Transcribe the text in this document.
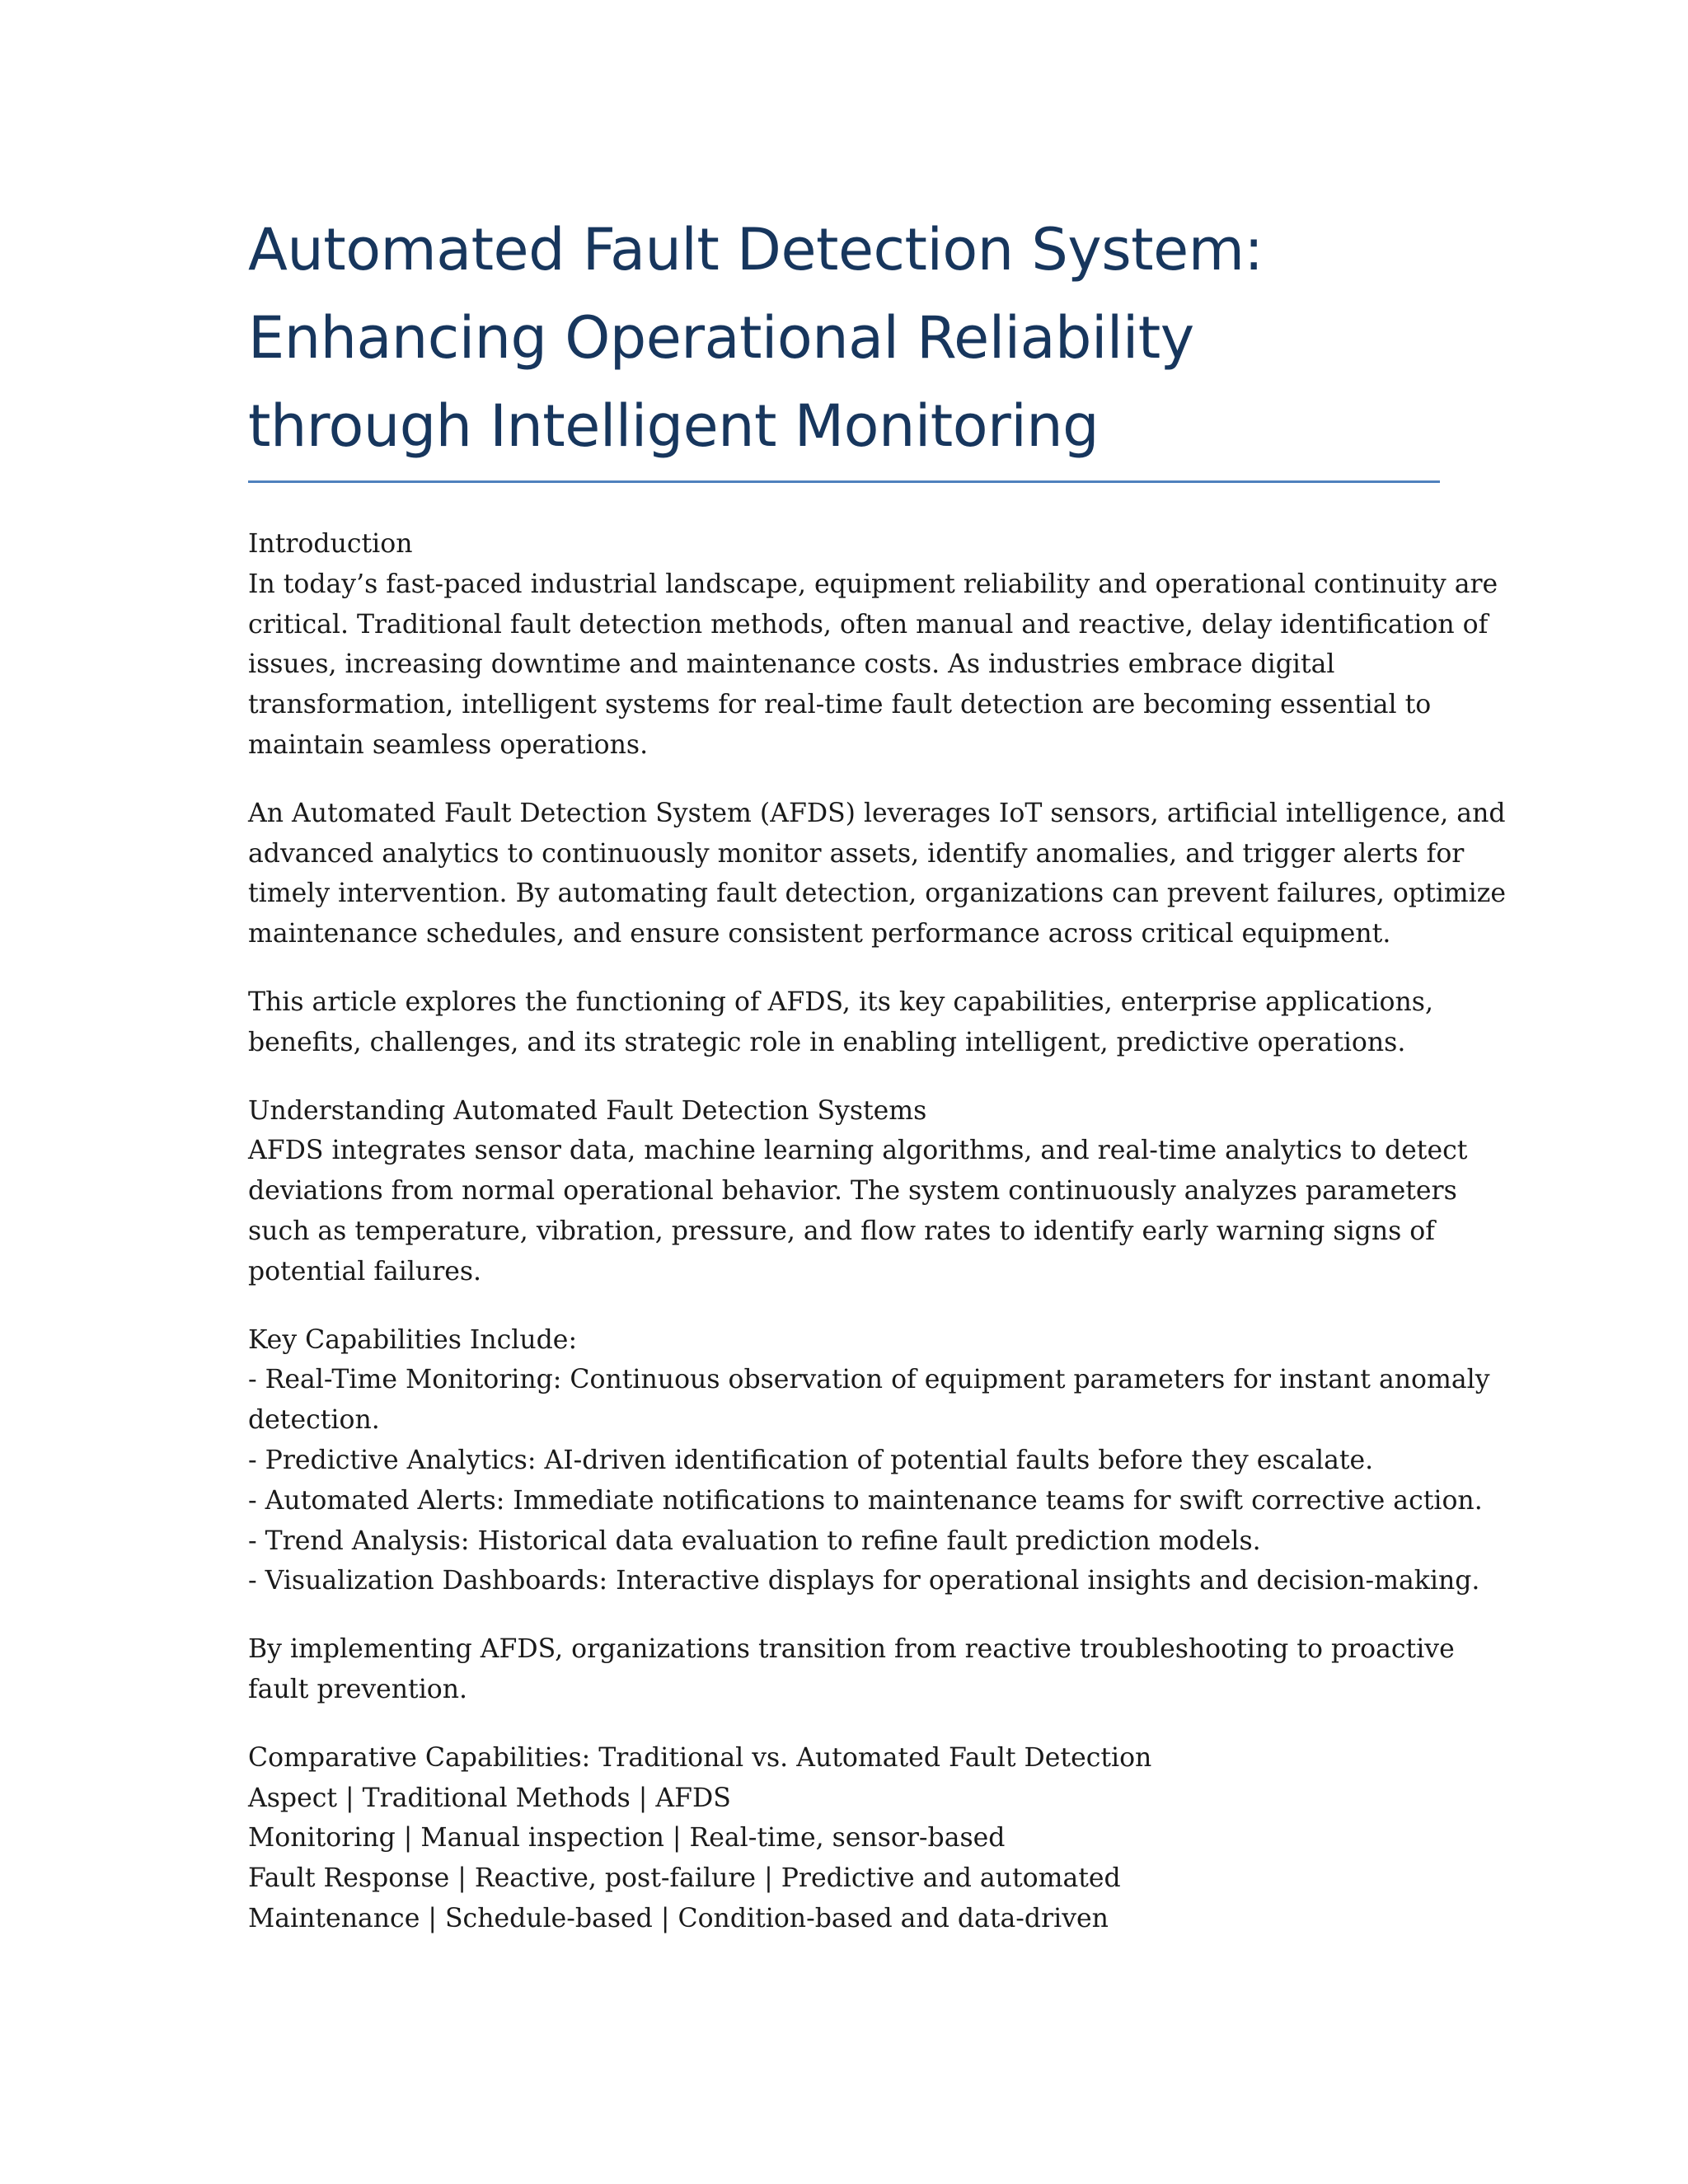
Automated Fault Detection System:
Enhancing Operational Reliability
through Intelligent Monitoring

Introduction
In today’s fast-paced industrial landscape, equipment reliability and operational continuity are
critical. Traditional fault detection methods, often manual and reactive, delay identification of
issues, increasing downtime and maintenance costs. As industries embrace digital
transformation, intelligent systems for real-time fault detection are becoming essential to
maintain seamless operations.

An Automated Fault Detection System (AFDS) leverages IoT sensors, artificial intelligence, and
advanced analytics to continuously monitor assets, identify anomalies, and trigger alerts for
timely intervention. By automating fault detection, organizations can prevent failures, optimize
maintenance schedules, and ensure consistent performance across critical equipment.

This article explores the functioning of AFDS, its key capabilities, enterprise applications,
benefits, challenges, and its strategic role in enabling intelligent, predictive operations.

Understanding Automated Fault Detection Systems
AFDS integrates sensor data, machine learning algorithms, and real-time analytics to detect
deviations from normal operational behavior. The system continuously analyzes parameters
such as temperature, vibration, pressure, and flow rates to identify early warning signs of
potential failures.

Key Capabilities Include:
- Real-Time Monitoring: Continuous observation of equipment parameters for instant anomaly
detection.
- Predictive Analytics: AI-driven identification of potential faults before they escalate.
- Automated Alerts: Immediate notifications to maintenance teams for swift corrective action.
- Trend Analysis: Historical data evaluation to refine fault prediction models.
- Visualization Dashboards: Interactive displays for operational insights and decision-making.

By implementing AFDS, organizations transition from reactive troubleshooting to proactive
fault prevention.

Comparative Capabilities: Traditional vs. Automated Fault Detection
Aspect | Traditional Methods | AFDS
Monitoring | Manual inspection | Real-time, sensor-based
Fault Response | Reactive, post-failure | Predictive and automated
Maintenance | Schedule-based | Condition-based and data-driven
